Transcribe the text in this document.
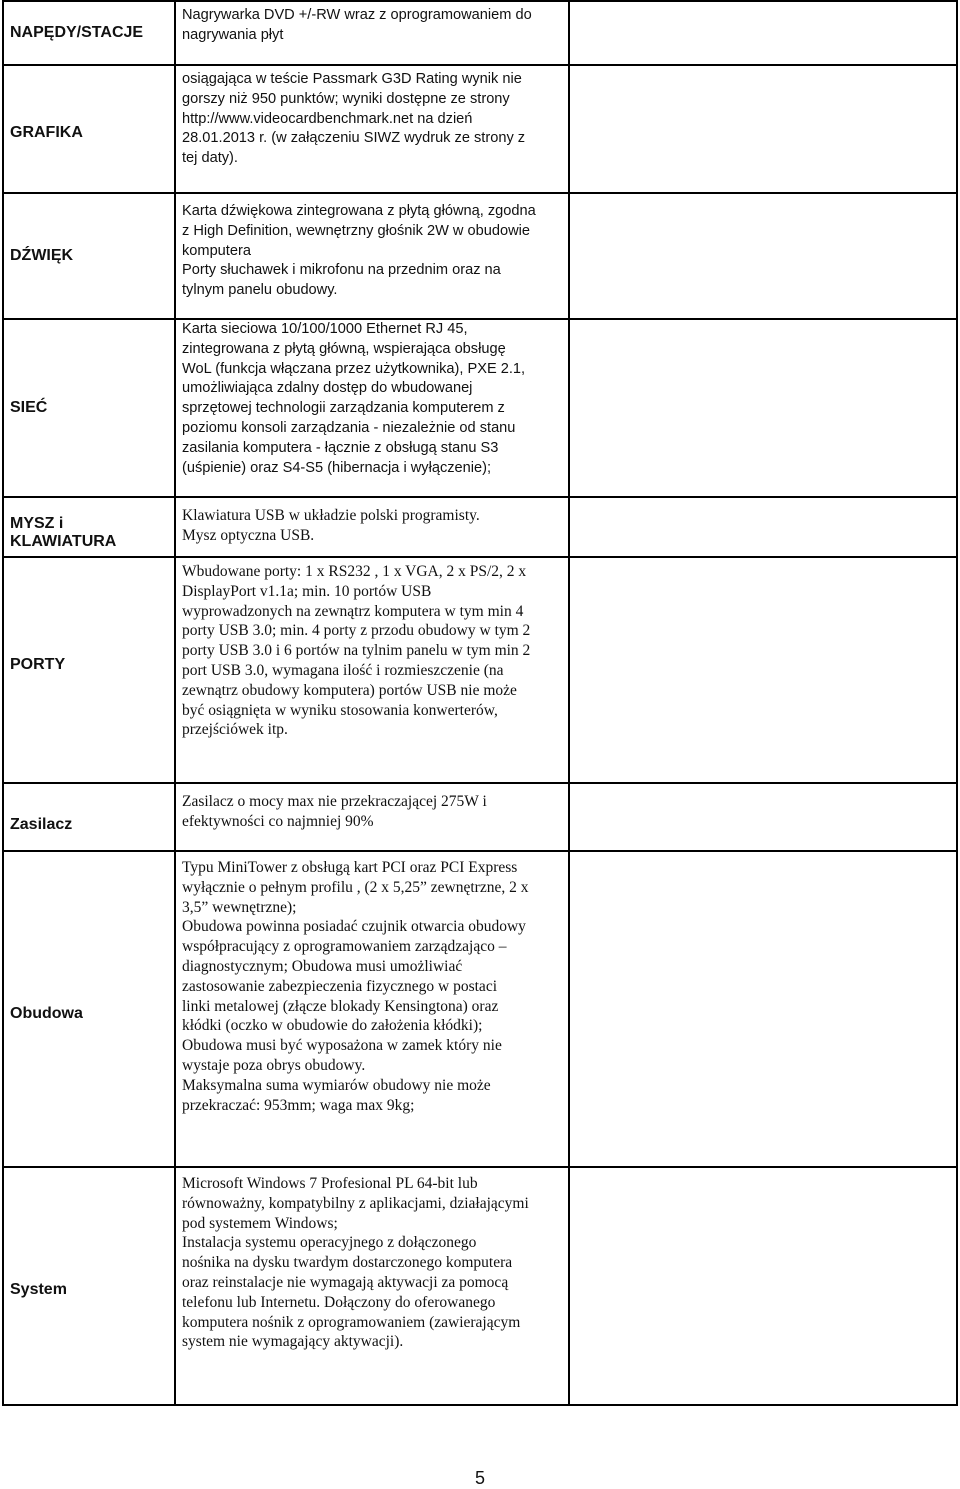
NAPĘDY/STACJE
Nagrywarka DVD +/-RW wraz z oprogramowaniem do
nagrywania płyt
GRAFIKA
osiągająca w teście Passmark G3D Rating wynik nie
gorszy niż 950 punktów; wyniki dostępne ze strony
http://www.videocardbenchmark.net na dzień
28.01.2013 r. (w załączeniu SIWZ wydruk ze strony z
tej daty).
DŹWIĘK
Karta dźwiękowa zintegrowana z płytą główną, zgodna
z High Definition, wewnętrzny głośnik 2W w obudowie
komputera
Porty słuchawek i mikrofonu na przednim oraz na
tylnym panelu obudowy.
SIEĆ
Karta sieciowa 10/100/1000 Ethernet RJ 45,
zintegrowana z płytą główną, wspierająca obsługę
WoL (funkcja włączana przez użytkownika), PXE 2.1,
umożliwiająca zdalny dostęp do wbudowanej
sprzętowej technologii zarządzania komputerem z
poziomu konsoli zarządzania - niezależnie od stanu
zasilania komputera - łącznie z obsługą stanu S3
(uśpienie) oraz S4-S5 (hibernacja i wyłączenie);
MYSZ i KLAWIATURA
Klawiatura USB w układzie polski programisty.
Mysz optyczna USB.
PORTY
Wbudowane porty: 1 x RS232 , 1 x VGA, 2 x PS/2, 2 x
DisplayPort v1.1a; min. 10 portów USB
wyprowadzonych na zewnątrz komputera w tym min 4
porty USB 3.0; min. 4 porty z przodu obudowy w tym 2
porty USB 3.0 i 6 portów na tylnim panelu w tym min 2
port USB 3.0, wymagana ilość i rozmieszczenie (na
zewnątrz obudowy komputera) portów USB nie może
być osiągnięta w wyniku stosowania konwerterów,
przejściówek itp.
Zasilacz
Zasilacz o mocy max nie przekraczającej 275W i
efektywności co najmniej 90%
Obudowa
Typu MiniTower z obsługą kart PCI oraz PCI Express
wyłącznie o pełnym profilu , (2 x 5,25” zewnętrzne, 2 x
3,5” wewnętrzne);
Obudowa powinna posiadać czujnik otwarcia obudowy
współpracujący z oprogramowaniem zarządzająco –
diagnostycznym; Obudowa musi umożliwiać
zastosowanie zabezpieczenia fizycznego w postaci
linki metalowej (złącze blokady Kensingtona) oraz
kłódki (oczko w obudowie do założenia kłódki);
Obudowa musi być wyposażona w zamek który nie
wystaje poza obrys obudowy.
Maksymalna suma wymiarów obudowy nie może
przekraczać: 953mm; waga max 9kg;
System
Microsoft Windows 7 Profesional PL 64-bit lub
równoważny, kompatybilny z aplikacjami, działającymi
pod systemem Windows;
Instalacja systemu operacyjnego z dołączonego
nośnika na dysku twardym dostarczonego komputera
oraz reinstalacje nie wymagają aktywacji za pomocą
telefonu lub Internetu. Dołączony do oferowanego
komputera nośnik z oprogramowaniem (zawierającym
system nie wymagający aktywacji).
5
